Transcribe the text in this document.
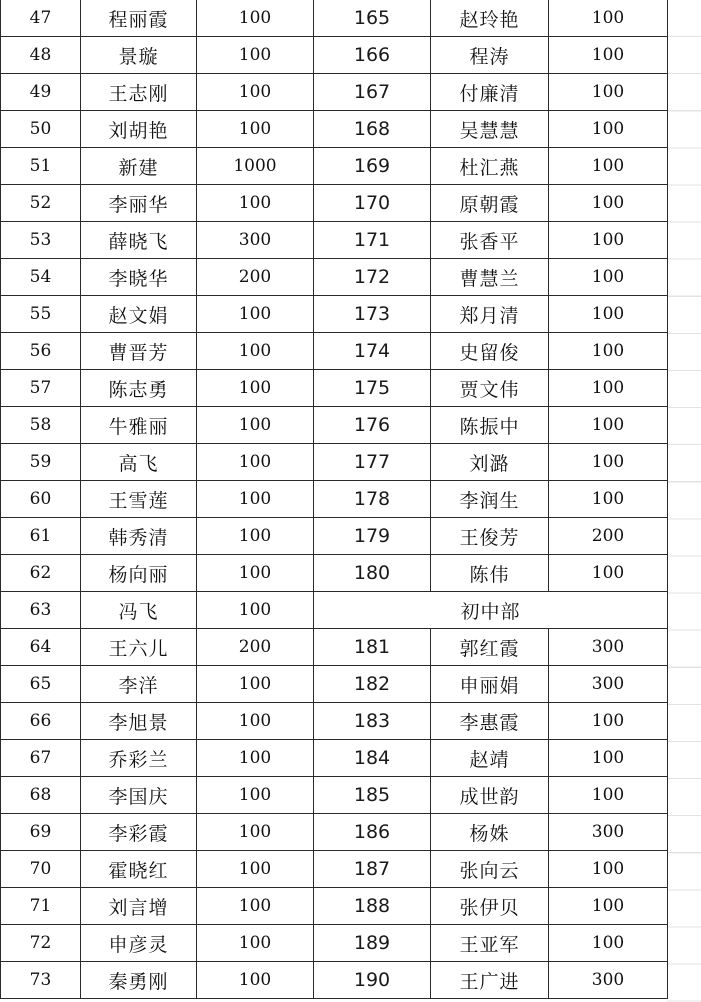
47	程丽霞	100	165	赵玲艳	100
48	景璇	100	166	程涛	100
49	王志刚	100	167	付廉清	100
50	刘胡艳	100	168	吴慧慧	100
51	新建	1000	169	杜汇燕	100
52	李丽华	100	170	原朝霞	100
53	薛晓飞	300	171	张香平	100
54	李晓华	200	172	曹慧兰	100
55	赵文娟	100	173	郑月清	100
56	曹晋芳	100	174	史留俊	100
57	陈志勇	100	175	贾文伟	100
58	牛雅丽	100	176	陈振中	100
59	高飞	100	177	刘潞	100
60	王雪莲	100	178	李润生	100
61	韩秀清	100	179	王俊芳	200
62	杨向丽	100	180	陈伟	100
63	冯飞	100	初中部		
64	王六儿	200	181	郭红霞	300
65	李洋	100	182	申丽娟	300
66	李旭景	100	183	李惠霞	100
67	乔彩兰	100	184	赵靖	100
68	李国庆	100	185	成世韵	100
69	李彩霞	100	186	杨姝	300
70	霍晓红	100	187	张向云	100
71	刘言增	100	188	张伊贝	100
72	申彦灵	100	189	王亚军	100
73	秦勇刚	100	190	王广进	300
